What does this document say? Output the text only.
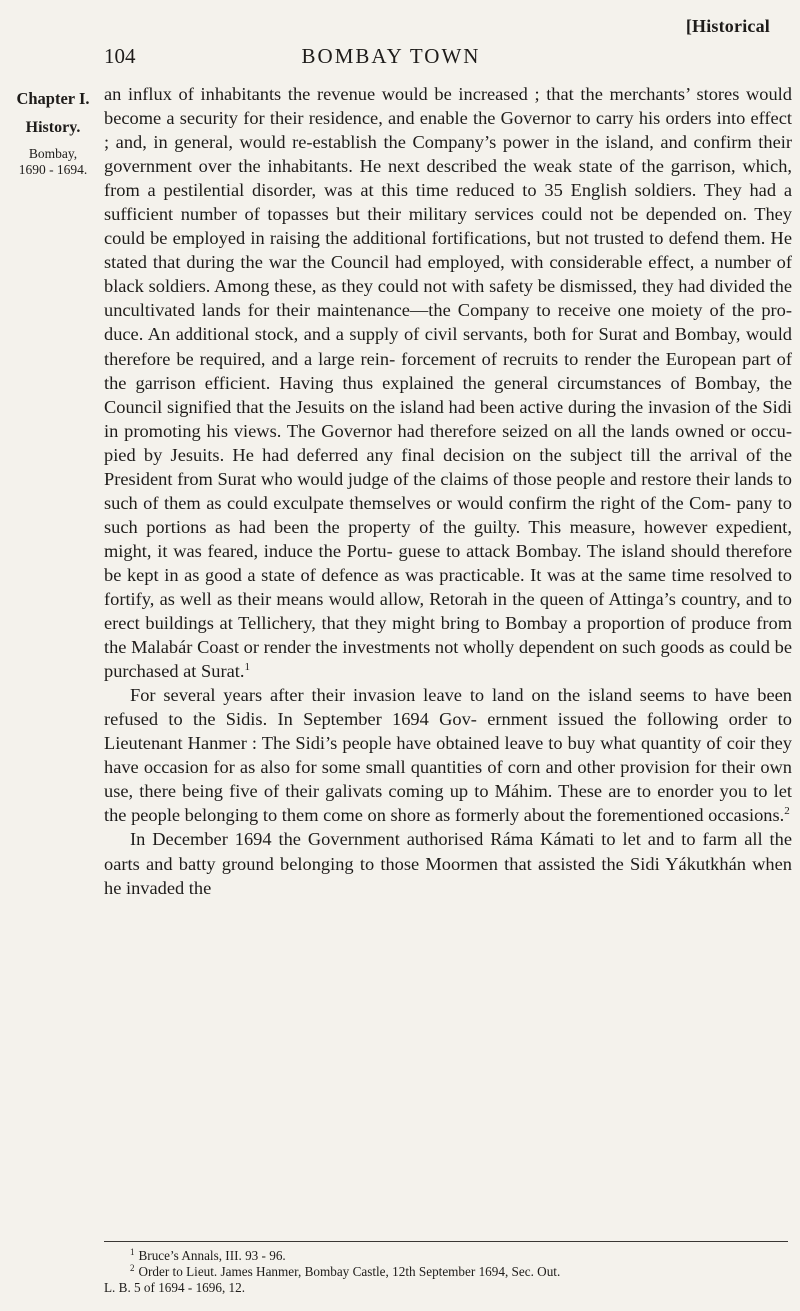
[Historical
104	BOMBAY TOWN
Chapter I.
History.
Bombay,
1690 - 1694.

an influx of inhabitants the revenue would be increased ; that the merchants’ stores would become a security for their residence, and enable the Governor to carry his orders into effect ; and, in general, would re-establish the Company’s power in the island, and confirm their government over the inhabitants. He next described the weak state of the garrison, which, from a pestilential disorder, was at this time reduced to 35 English soldiers. They had a sufficient number of topasses but their military services could not be depended on. They could be employed in raising the additional fortifications, but not trusted to defend them. He stated that during the war the Council had employed, with considerable effect, a number of black soldiers. Among these, as they could not with safety be dismissed, they had divided the uncultivated lands for their maintenance—the Company to receive one moiety of the pro- duce. An additional stock, and a supply of civil servants, both for Surat and Bombay, would therefore be required, and a large rein- forcement of recruits to render the European part of the garrison efficient. Having thus explained the general circumstances of Bombay, the Council signified that the Jesuits on the island had been active during the invasion of the Sidi in promoting his views. The Governor had therefore seized on all the lands owned or occu- pied by Jesuits. He had deferred any final decision on the subject till the arrival of the President from Surat who would judge of the claims of those people and restore their lands to such of them as could exculpate themselves or would confirm the right of the Com- pany to such portions as had been the property of the guilty. This measure, however expedient, might, it was feared, induce the Portu- guese to attack Bombay. The island should therefore be kept in as good a state of defence as was practicable. It was at the same time resolved to fortify, as well as their means would allow, Retorah in the queen of Attinga’s country, and to erect buildings at Tellichery, that they might bring to Bombay a proportion of produce from the Malabár Coast or render the investments not wholly dependent on such goods as could be purchased at Surat.$^1$

For several years after their invasion leave to land on the island seems to have been refused to the Sidis. In September 1694 Gov- ernment issued the following order to Lieutenant Hanmer : The Sidi’s people have obtained leave to buy what quantity of coir they have occasion for as also for some small quantities of corn and other provision for their own use, there being five of their galivats coming up to Máhim. These are to enorder you to let the people belonging to them come on shore as formerly about the forementioned occasions.$^2$

In December 1694 the Government authorised Ráma Kámati to let and to farm all the oarts and batty ground belonging to those Moormen that assisted the Sidi Yákutkhán when he invaded the

$^1$ Bruce’s Annals, III. 93 - 96.

$^2$ Order to Lieut. James Hanmer, Bombay Castle, 12th September 1694, Sec. Out.

L. B. 5 of 1694 - 1696, 12.
